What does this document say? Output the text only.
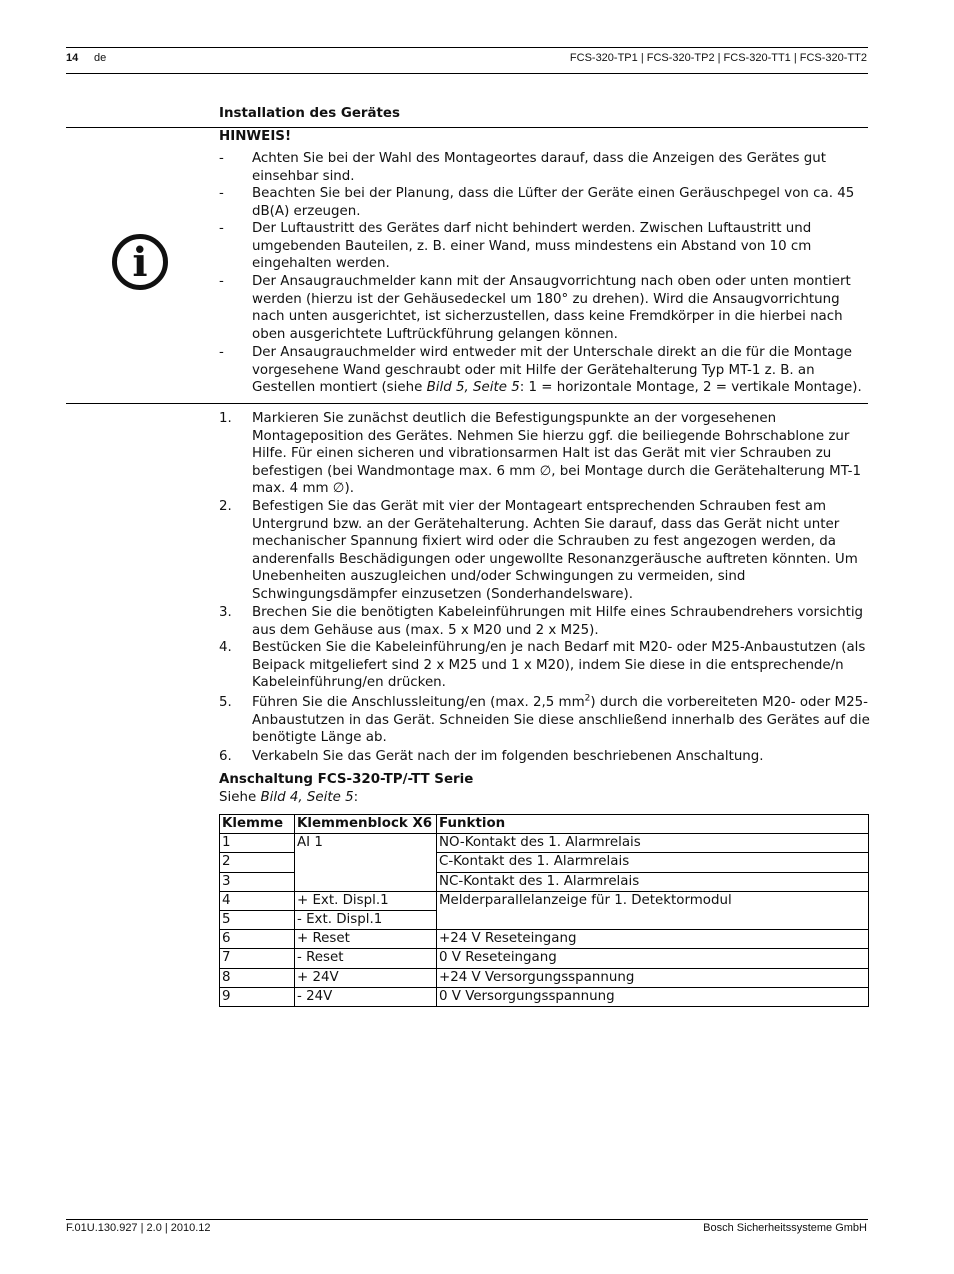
14 de	FCS-320-TP1 | FCS-320-TP2 | FCS-320-TT1 | FCS-320-TT2
Installation des Gerätes
HINWEIS!
i
- Achten Sie bei der Wahl des Montageortes darauf, dass die Anzeigen des Gerätes gut einsehbar sind.
- Beachten Sie bei der Planung, dass die Lüfter der Geräte einen Geräuschpegel von ca. 45 dB(A) erzeugen.
- Der Luftaustritt des Gerätes darf nicht behindert werden. Zwischen Luftaustritt und umgebenden Bauteilen, z. B. einer Wand, muss mindestens ein Abstand von 10 cm eingehalten werden.
- Der Ansaugrauchmelder kann mit der Ansaugvorrichtung nach oben oder unten montiert werden (hierzu ist der Gehäusedeckel um 180° zu drehen). Wird die Ansaugvorrichtung nach unten ausgerichtet, ist sicherzustellen, dass keine Fremdkörper in die hierbei nach oben ausgerichtete Luftrückführung gelangen können.
- Der Ansaugrauchmelder wird entweder mit der Unterschale direkt an die für die Montage vorgesehene Wand geschraubt oder mit Hilfe der Gerätehalterung Typ MT-1 z. B. an Gestellen montiert (siehe Bild 5, Seite 5: 1 = horizontale Montage, 2 = vertikale Montage).
1. Markieren Sie zunächst deutlich die Befestigungspunkte an der vorgesehenen Montageposition des Gerätes. Nehmen Sie hierzu ggf. die beiliegende Bohrschablone zur Hilfe. Für einen sicheren und vibrationsarmen Halt ist das Gerät mit vier Schrauben zu befestigen (bei Wandmontage max. 6 mm ∅, bei Montage durch die Gerätehalterung MT-1 max. 4 mm ∅).
2. Befestigen Sie das Gerät mit vier der Montageart entsprechenden Schrauben fest am Untergrund bzw. an der Gerätehalterung. Achten Sie darauf, dass das Gerät nicht unter mechanischer Spannung fixiert wird oder die Schrauben zu fest angezogen werden, da anderenfalls Beschädigungen oder ungewollte Resonanzgeräusche auftreten könnten. Um Unebenheiten auszugleichen und/oder Schwingungen zu vermeiden, sind Schwingungsdämpfer einzusetzen (Sonderhandelsware).
3. Brechen Sie die benötigten Kabeleinführungen mit Hilfe eines Schraubendrehers vorsichtig aus dem Gehäuse aus (max. 5 x M20 und 2 x M25).
4. Bestücken Sie die Kabeleinführung/en je nach Bedarf mit M20- oder M25-Anbaustutzen (als Beipack mitgeliefert sind 2 x M25 und 1 x M20), indem Sie diese in die entsprechende/n Kabeleinführung/en drücken.
5. Führen Sie die Anschlussleitung/en (max. 2,5 $mm^2$) durch die vorbereiteten M20- oder M25-Anbaustutzen in das Gerät. Schneiden Sie diese anschließend innerhalb des Gerätes auf die benötigte Länge ab.
6. Verkabeln Sie das Gerät nach der im folgenden beschriebenen Anschaltung.
Anschaltung FCS-320-TP/-TT Serie
Siehe Bild 4, Seite 5:
Klemme	Klemmenblock X6	Funktion
1	AI 1	NO-Kontakt des 1. Alarmrelais
2		C-Kontakt des 1. Alarmrelais
3		NC-Kontakt des 1. Alarmrelais
4	+ Ext. Displ.1	Melderparallelanzeige für 1. Detektormodul
5	- Ext. Displ.1	
6	+ Reset	+24 V Reseteingang
7	- Reset	0 V Reseteingang
8	+ 24V	+24 V Versorgungsspannung
9	- 24V	0 V Versorgungsspannung
F.01U.130.927 | 2.0 | 2010.12	Bosch Sicherheitssysteme GmbH
